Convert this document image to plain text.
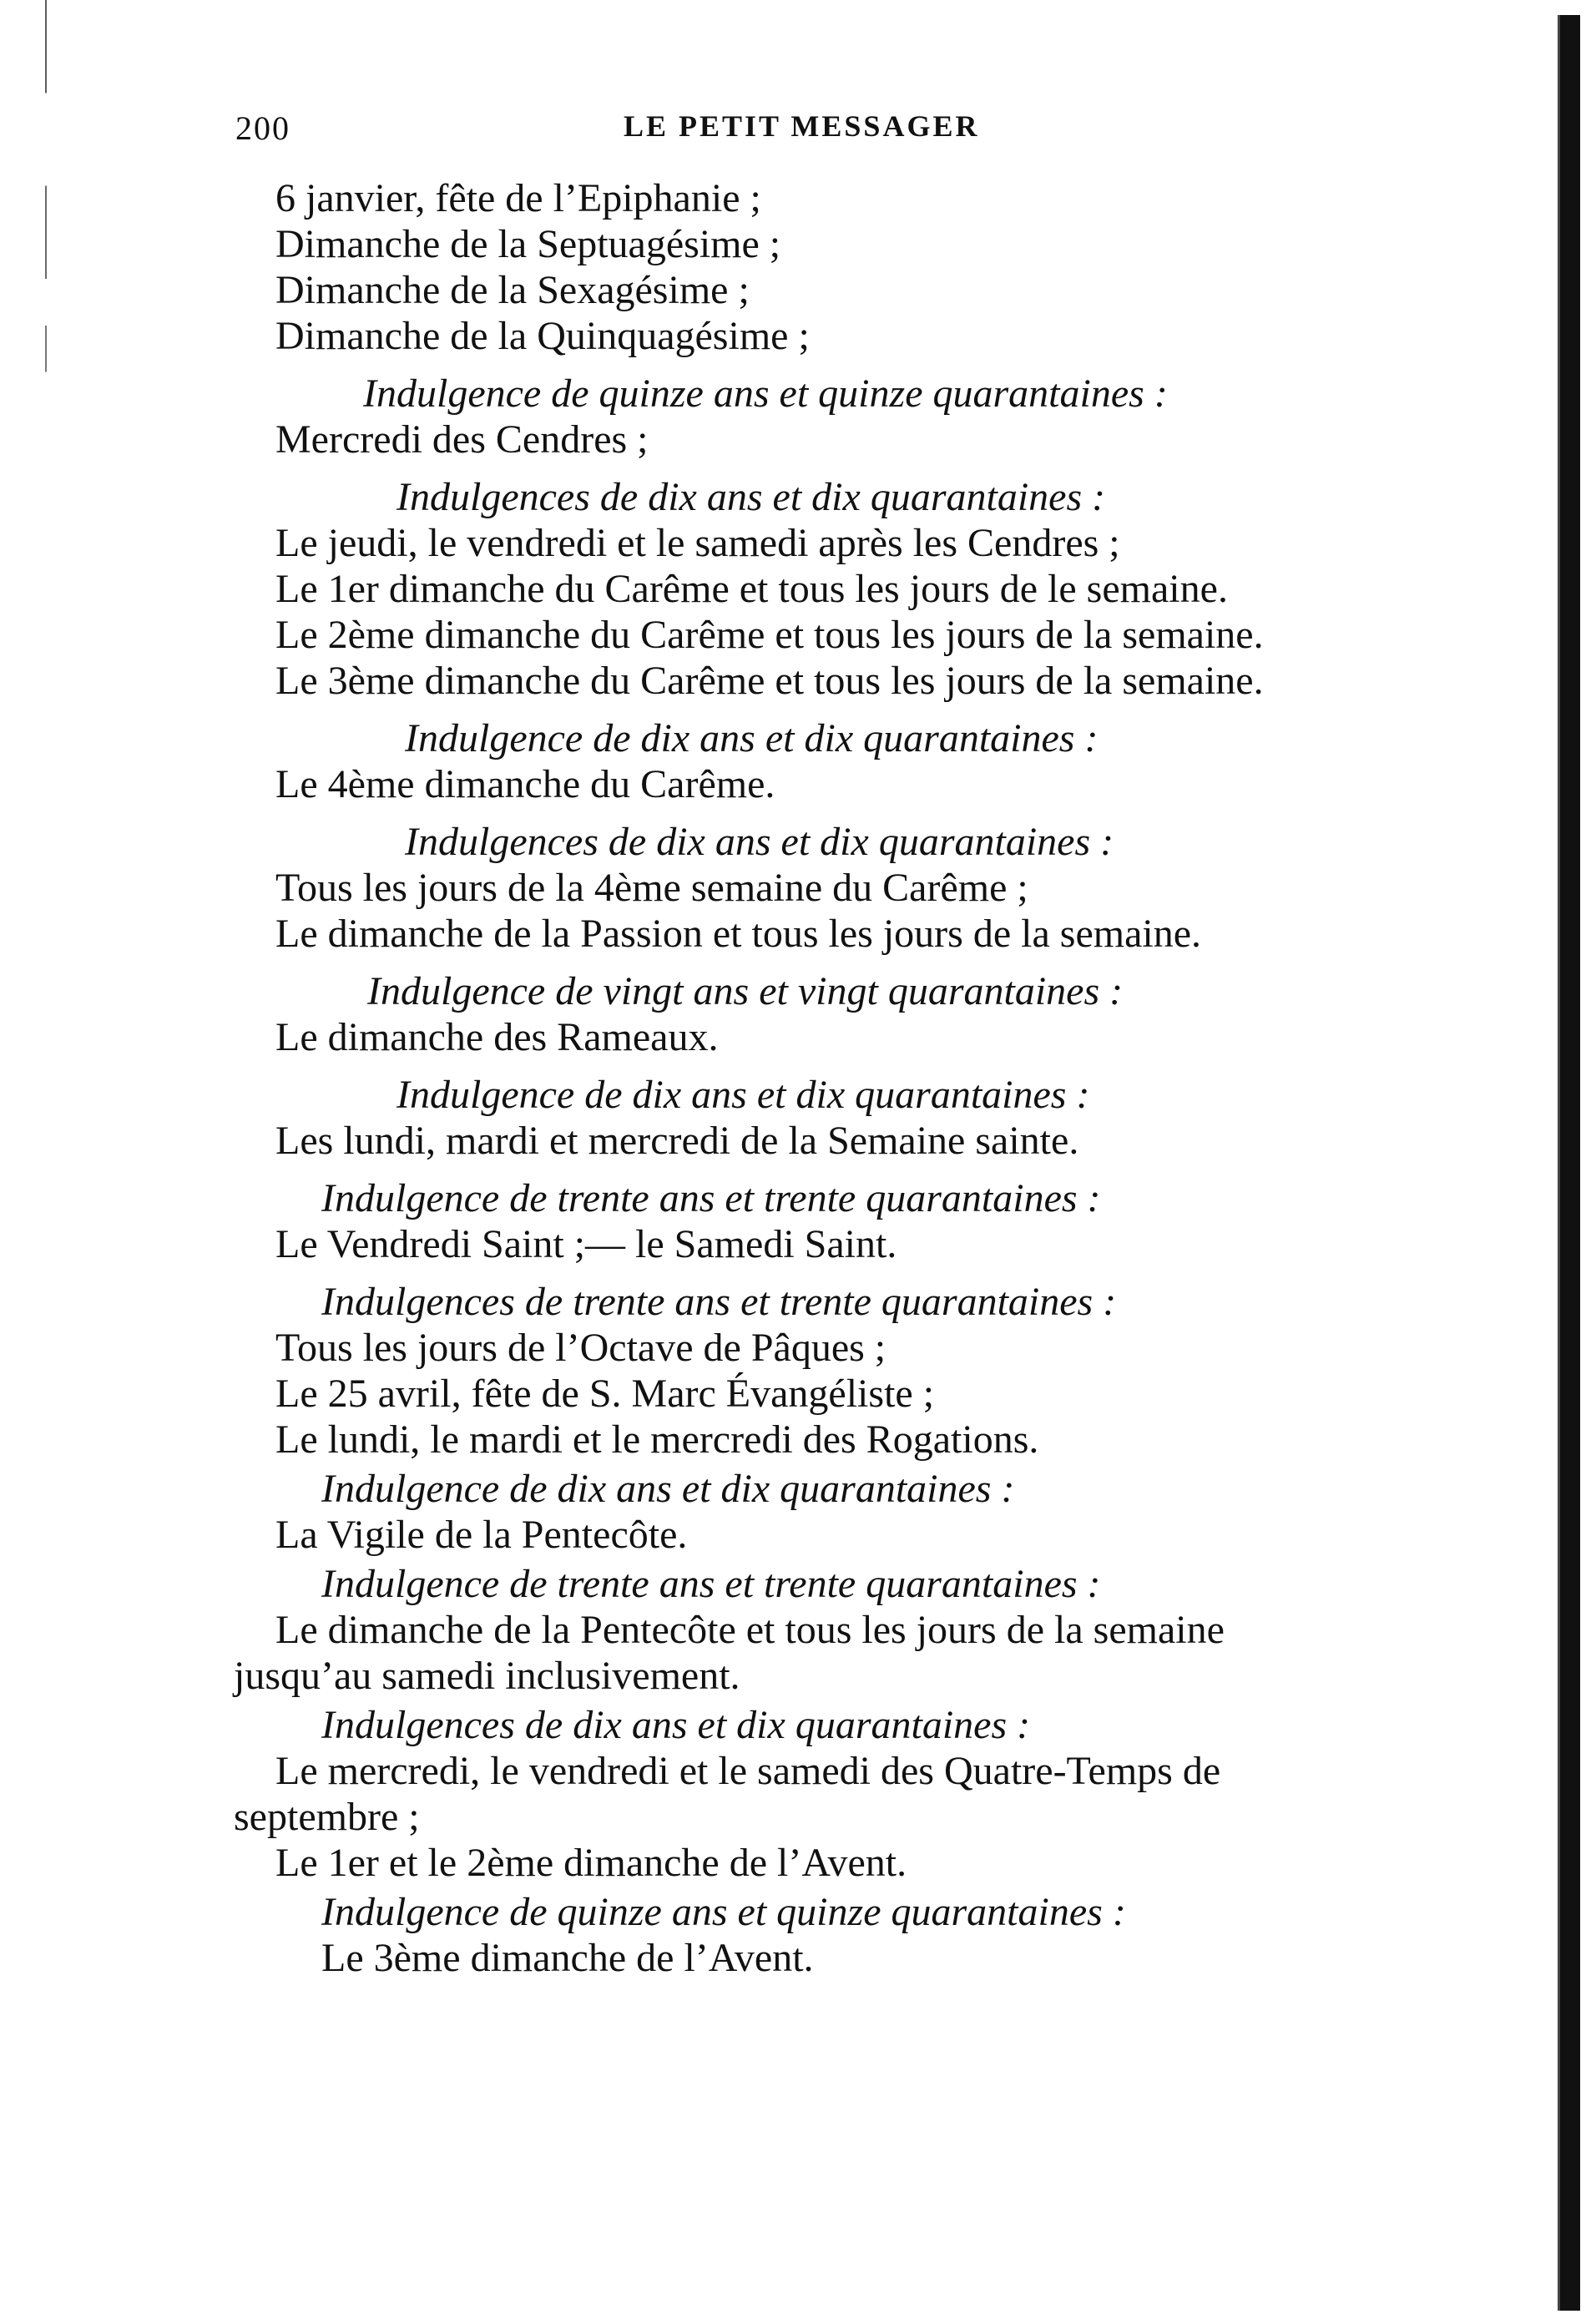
200	LE PETIT MESSAGER
6 janvier, fête de l’Epiphanie ;
Dimanche de la Septuagésime ;
Dimanche de la Sexagésime ;
Dimanche de la Quinquagésime ;
Indulgence de quinze ans et quinze quarantaines :
Mercredi des Cendres ;
Indulgences de dix ans et dix quarantaines :
Le jeudi, le vendredi et le samedi après les Cendres ;
Le 1er dimanche du Carême et tous les jours de le semaine.
Le 2ème dimanche du Carême et tous les jours de la semaine.
Le 3ème dimanche du Carême et tous les jours de la semaine.
Indulgence de dix ans et dix quarantaines :
Le 4ème dimanche du Carême.
Indulgences de dix ans et dix quarantaines :
Tous les jours de la 4ème semaine du Carême ;
Le dimanche de la Passion et tous les jours de la semaine.
Indulgence de vingt ans et vingt quarantaines :
Le dimanche des Rameaux.
Indulgence de dix ans et dix quarantaines :
Les lundi, mardi et mercredi de la Semaine sainte.
Indulgence de trente ans et trente quarantaines :
Le Vendredi Saint ;— le Samedi Saint.
Indulgences de trente ans et trente quarantaines :
Tous les jours de l’Octave de Pâques ;
Le 25 avril, fête de S. Marc Évangéliste ;
Le lundi, le mardi et le mercredi des Rogations.
Indulgence de dix ans et dix quarantaines :
La Vigile de la Pentecôte.
Indulgence de trente ans et trente quarantaines :
Le dimanche de la Pentecôte et tous les jours de la semaine
jusqu’au samedi inclusivement.
Indulgences de dix ans et dix quarantaines :
Le mercredi, le vendredi et le samedi des Quatre-Temps de
septembre ;
Le 1er et le 2ème dimanche de l’Avent.
Indulgence de quinze ans et quinze quarantaines :
Le 3ème dimanche de l’Avent.
